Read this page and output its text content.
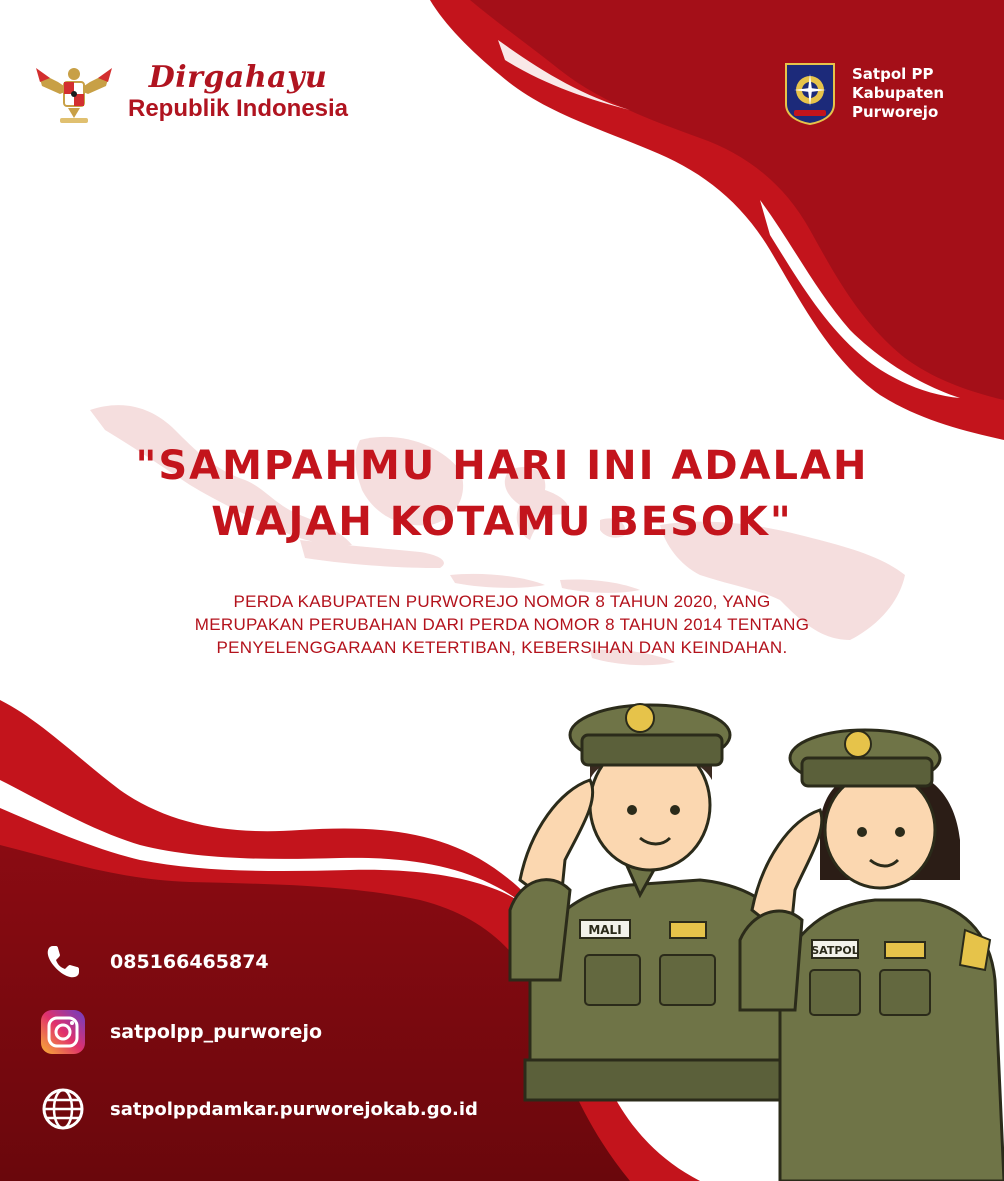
Dirgahayu
Republik Indonesia
Satpol PP
Kabupaten
Purworejo
"SAMPAHMU HARI INI ADALAH
WAJAH KOTAMU BESOK"
PERDA KABUPATEN PURWOREJO NOMOR 8 TAHUN 2020, YANG
MERUPAKAN PERUBAHAN DARI PERDA NOMOR 8 TAHUN 2014 TENTANG
PENYELENGGARAAN KETERTIBAN, KEBERSIHAN DAN KEINDAHAN.
MALI
SATPOL
085166465874
satpolpp_purworejo
satpolppdamkar.purworejokab.go.id
